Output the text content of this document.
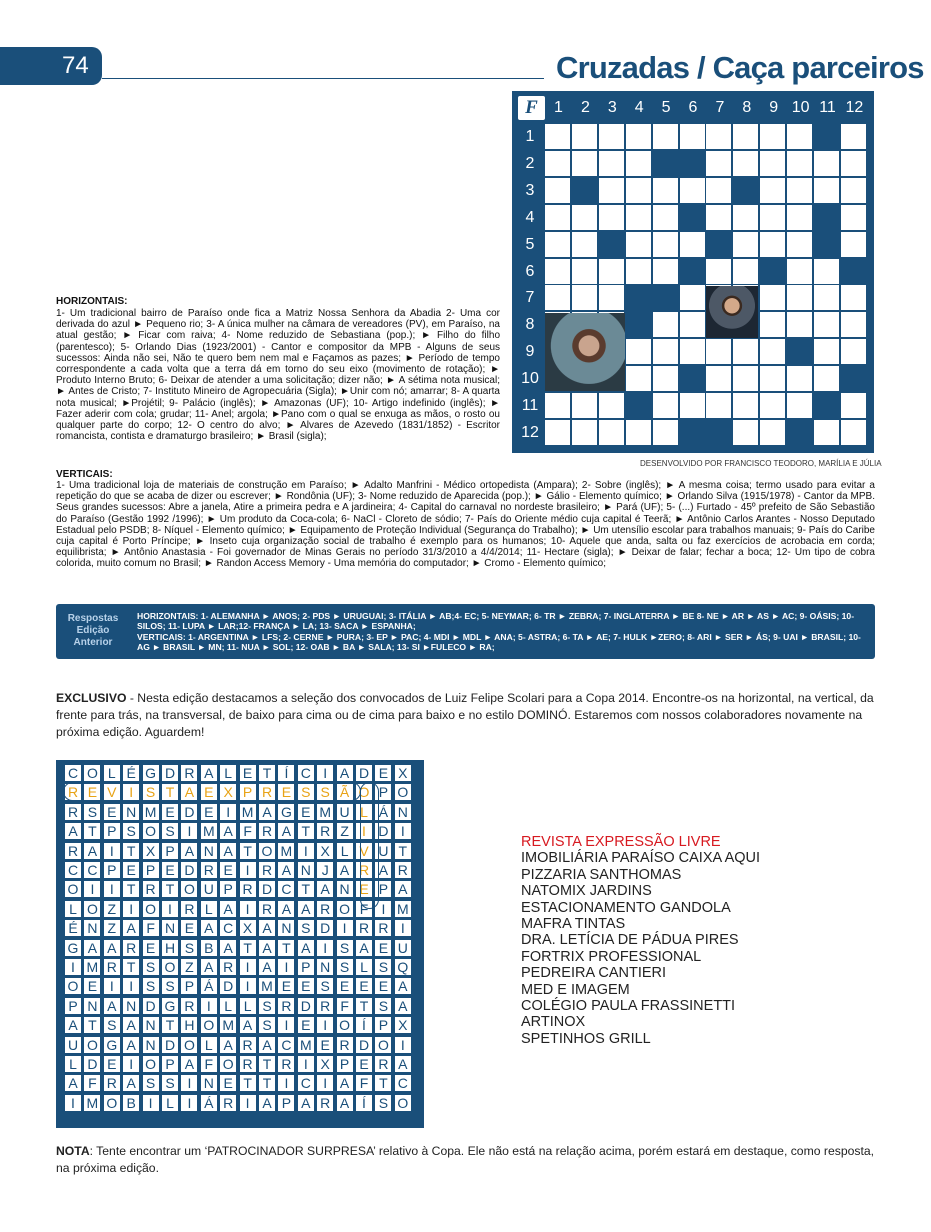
74	Cruzadas / Caça parceiros
F	1	2	3	4	5	6	7	8	9 10 11 12
1
2
3
4
5
6
7
8
9
10
11
12
DESENVOLVIDO POR FRANCISCO TEODORO, MARÍLIA E JÚLIA
HORIZONTAIS:
1- Um tradicional bairro de Paraíso onde fica a Matriz Nossa Senhora da Abadia 2- Uma cor derivada do azul ► Pequeno rio; 3- A única mulher na câmara de vereadores (PV), em Paraíso, na atual gestão; ► Ficar com raiva; 4- Nome reduzido de Sebastiana (pop.); ► Filho do filho (parentesco); 5- Orlando Dias (1923/2001) - Cantor e compositor da MPB - Alguns de seus sucessos: Ainda não sei, Não te quero bem nem mal e Façamos as pazes; ► Período de tempo correspondente a cada volta que a terra dá em torno do seu eixo (movimento de rotação); ► Produto Interno Bruto; 6- Deixar de atender a uma solicitação; dizer não; ► A sétima nota musical; ► Antes de Cristo; 7- Instituto Mineiro de Agropecuária (Sigla); ►Unir com nó; amarrar; 8- A quarta nota musical; ►Projétil; 9- Palácio (inglês); ► Amazonas (UF); 10- Artigo indefinido (inglês); ► Fazer aderir com cola; grudar; 11- Anel; argola; ►Pano com o qual se enxuga as mãos, o rosto ou qualquer parte do corpo; 12- O centro do alvo; ► Alvares de Azevedo (1831/1852) - Escritor romancista, contista e dramaturgo brasileiro; ► Brasil (sigla);
VERTICAIS:
1- Uma tradicional loja de materiais de construção em Paraíso; ► Adalto Manfrini - Médico ortopedista (Ampara); 2- Sobre (inglês); ► A mesma coisa; termo usado para evitar a repetição do que se acaba de dizer ou escrever; ► Rondônia (UF); 3- Nome reduzido de Aparecida (pop.); ► Gálio - Elemento químico; ► Orlando Silva (1915/1978) - Cantor da MPB. Seus grandes sucessos: Abre a janela, Atire a primeira pedra e A jardineira; 4- Capital do carnaval no nordeste brasileiro; ► Pará (UF); 5- (...) Furtado - 45º prefeito de São Sebastião do Paraíso (Gestão 1992 /1996); ► Um produto da Coca-cola; 6- NaCl - Cloreto de sódio; 7- País do Oriente médio cuja capital é Teerã; ► Antônio Carlos Arantes - Nosso Deputado Estadual pelo PSDB; 8- Níquel - Elemento químico; ► Equipamento de Proteção Individual (Segurança do Trabalho); ► Um utensílio escolar para trabalhos manuais; 9- País do Caribe cuja capital é Porto Príncipe; ► Inseto cuja organização social de trabalho é exemplo para os humanos; 10- Aquele que anda, salta ou faz exercícios de acrobacia em corda; equilibrista; ► Antônio Anastasia - Foi governador de Minas Gerais no período 31/3/2010 a 4/4/2014; 11- Hectare (sigla); ► Deixar de falar; fechar a boca; 12- Um tipo de cobra colorida, muito comum no Brasil; ► Randon Access Memory - Uma memória do computador; ► Cromo - Elemento químico;
Respostas
Edição
Anterior
HORIZONTAIS: 1- ALEMANHA ► ANOS; 2- PDS ► URUGUAI; 3- ITÁLIA ► AB;4- EC; 5- NEYMAR; 6- TR ► ZEBRA; 7- INGLATERRA ► BE 8- NE ► AR ► AS ► AC; 9- OÁSIS; 10- SILOS; 11- LUPA ► LAR;12- FRANÇA ► LA; 13- SACA ► ESPANHA;
VERTICAIS: 1- ARGENTINA ► LFS; 2- CERNE ► PURA; 3- EP ► PAC; 4- MDI ► MDL ► ANA; 5- ASTRA; 6- TA ► AE; 7- HULK ►ZERO; 8- ARI ► SER ► ÁS; 9- UAI ► BRASIL; 10- AG ► BRASIL ► MN; 11- NUA ► SOL; 12- OAB ► BA ► SALA; 13- SI ►FULECO ► RA;
EXCLUSIVO - Nesta edição destacamos a seleção dos convocados de Luiz Felipe Scolari para a Copa 2014. Encontre-os na horizontal, na vertical, da frente para trás, na transversal, de baixo para cima ou de cima para baixo e no estilo DOMINÓ. Estaremos com nossos colaboradores novamente na próxima edição. Aguardem!
C O L É G D R A L E T Í C I A D E X
R E V I S T A E X P R E S S Ã O P O
R S E N M E D E I M A G E M U L Á N
A T P S O S I M A F R A T R Z I D I
R A I T X P A N A T O M I X L V U T
C C P E P E D R E I R A N J A R A R
O I	I T R T O U P R D C T A N E P A
L O Z I O I R L A I R A A R O F I M
É N Z A F N E A C X A N S D I R R I
G A A R E H S B A T A T A I S A E U
I M R T S O Z A R I A I P N S L S Q
O E I	I S S P Á D I M E E S E E E A
P N A N D G R I L L S R D R F T S A
A T S A N T H O M A S I E I O Í P X
U O G A N D O L A R A C M E R D O I
L D E I O P A F O R T R I X P E R A
A F R A S S I N E T T I C I A F T C
I M O B I L I Á R I A P A R A Í S O
REVISTA EXPRESSÃO LIVRE
IMOBILIÁRIA PARAÍSO CAIXA AQUI
PIZZARIA SANTHOMAS
NATOMIX JARDINS
ESTACIONAMENTO GANDOLA
MAFRA TINTAS
DRA. LETÍCIA DE PÁDUA PIRES
FORTRIX PROFESSIONAL
PEDREIRA CANTIERI
MED E IMAGEM
COLÉGIO PAULA FRASSINETTI
ARTINOX
SPETINHOS GRILL
NOTA: Tente encontrar um ‘PATROCINADOR SURPRESA’ relativo à Copa. Ele não está na relação acima, porém estará em destaque, como resposta, na próxima edição.
